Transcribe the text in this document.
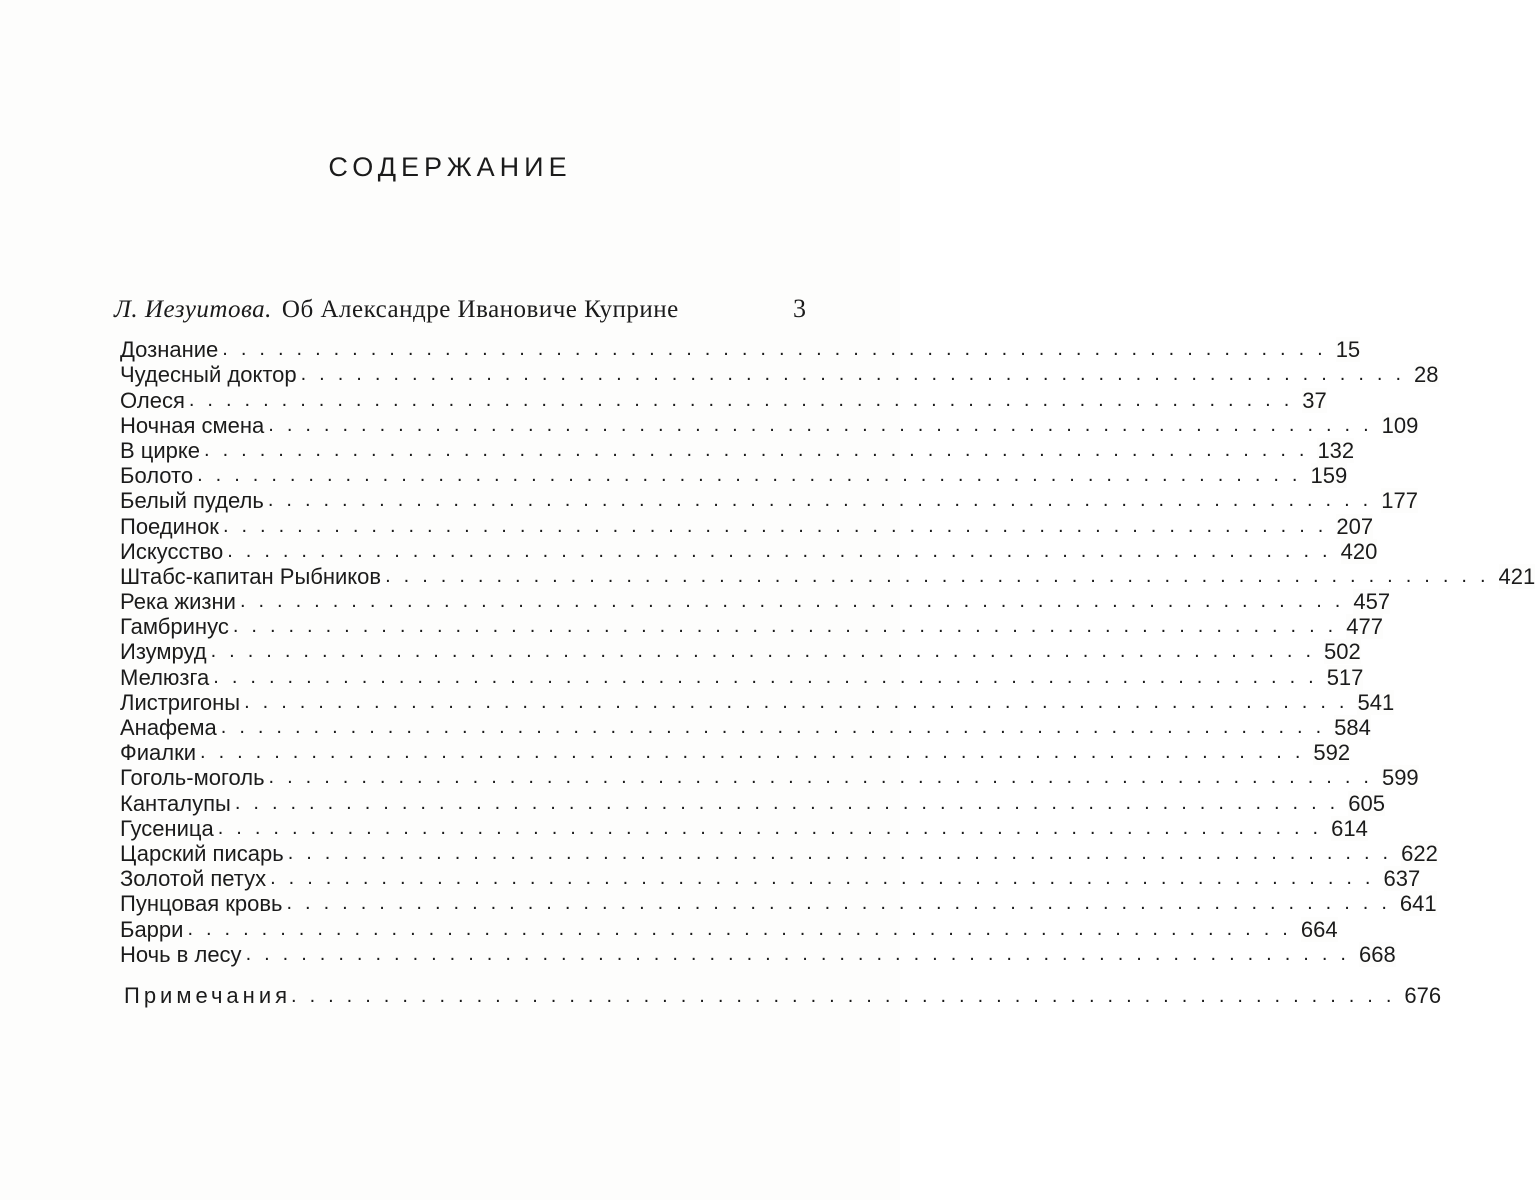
СОДЕРЖАНИЕ
Л. Иезуитова. Об Александре Ивановиче Куприне	3
Дознание ............................................................ 15
Чудесный доктор ............................................................ 28
Олеся ............................................................ 37
Ночная смена ............................................................ 109
В цирке ............................................................ 132
Болото ............................................................ 159
Белый пудель ............................................................ 177
Поединок ............................................................ 207
Искусство ............................................................ 420
Штабс-капитан Рыбников ............................................................ 421
Река жизни ............................................................ 457
Гамбринус ............................................................ 477
Изумруд ............................................................ 502
Мелюзга ............................................................ 517
Листригоны ............................................................ 541
Анафема ............................................................ 584
Фиалки ............................................................ 592
Гоголь-моголь ............................................................ 599
Канталупы ............................................................ 605
Гусеница ............................................................ 614
Царский писарь ............................................................ 622
Золотой петух ............................................................ 637
Пунцовая кровь ............................................................ 641
Барри ............................................................ 664
Ночь в лесу ............................................................ 668
Примечания ............................................................ 676
